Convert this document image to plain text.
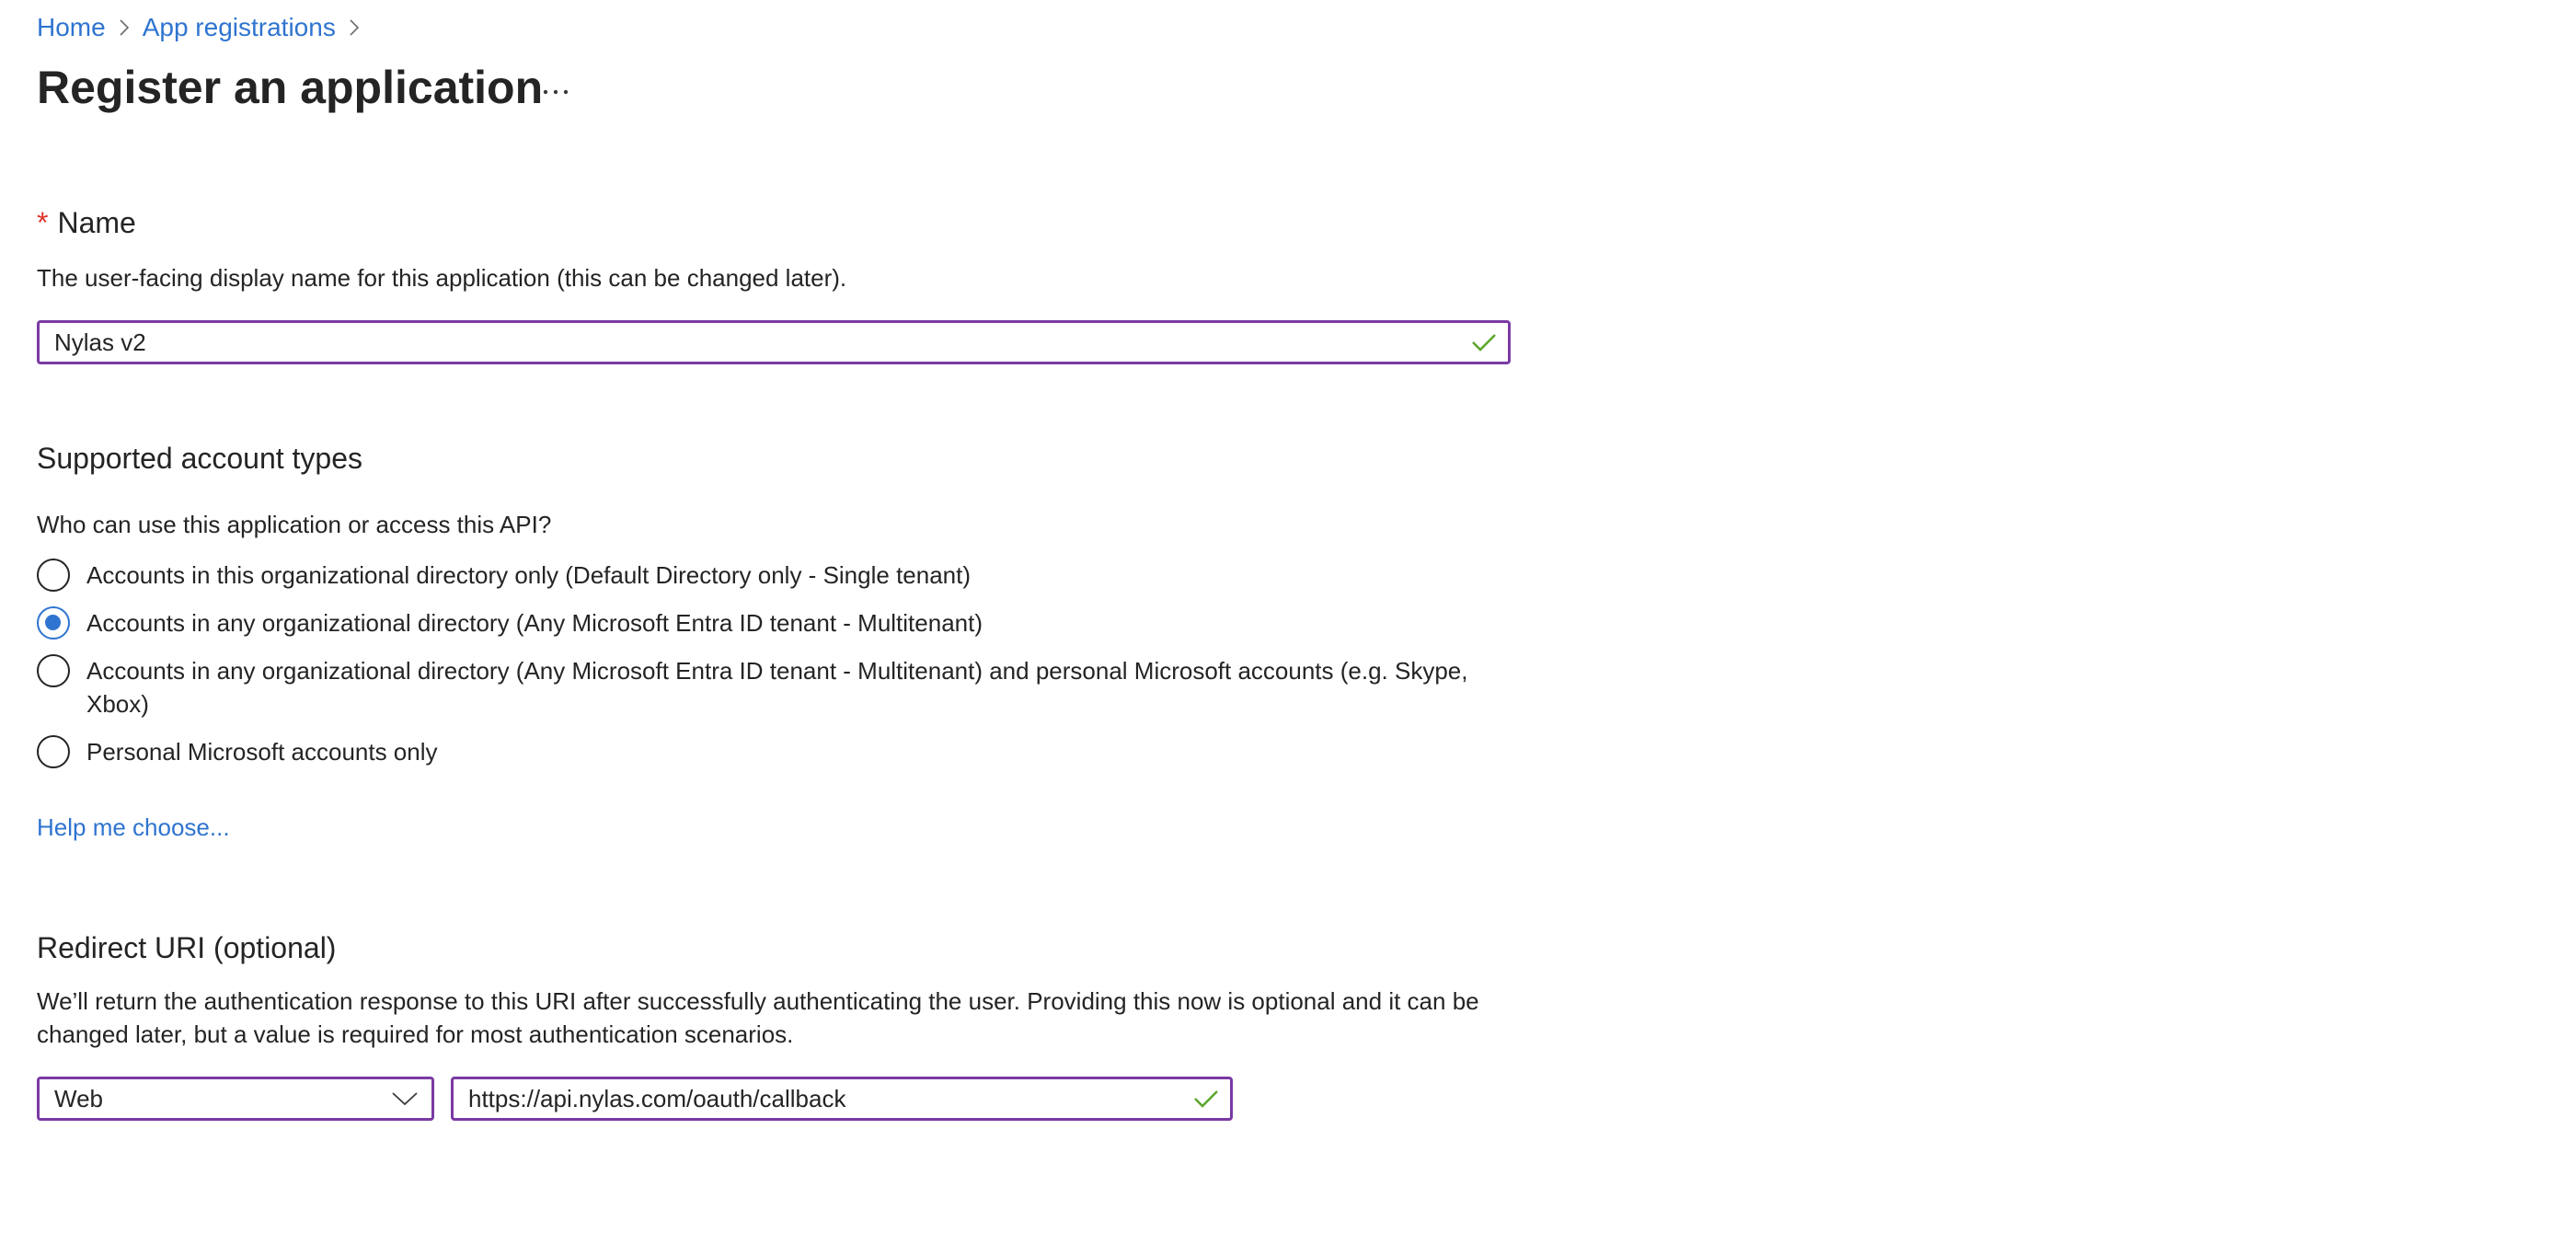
Home App registrations
Register an application
* Name
The user-facing display name for this application (this can be changed later).
Nylas v2
Supported account types
Who can use this application or access this API?
Accounts in this organizational directory only (Default Directory only - Single tenant)
Accounts in any organizational directory (Any Microsoft Entra ID tenant - Multitenant)
Accounts in any organizational directory (Any Microsoft Entra ID tenant - Multitenant) and personal Microsoft accounts (e.g. Skype, Xbox)
Personal Microsoft accounts only
Help me choose...
Redirect URI (optional)
We’ll return the authentication response to this URI after successfully authenticating the user. Providing this now is optional and it can be changed later, but a value is required for most authentication scenarios.
Web	https://api.nylas.com/oauth/callback
